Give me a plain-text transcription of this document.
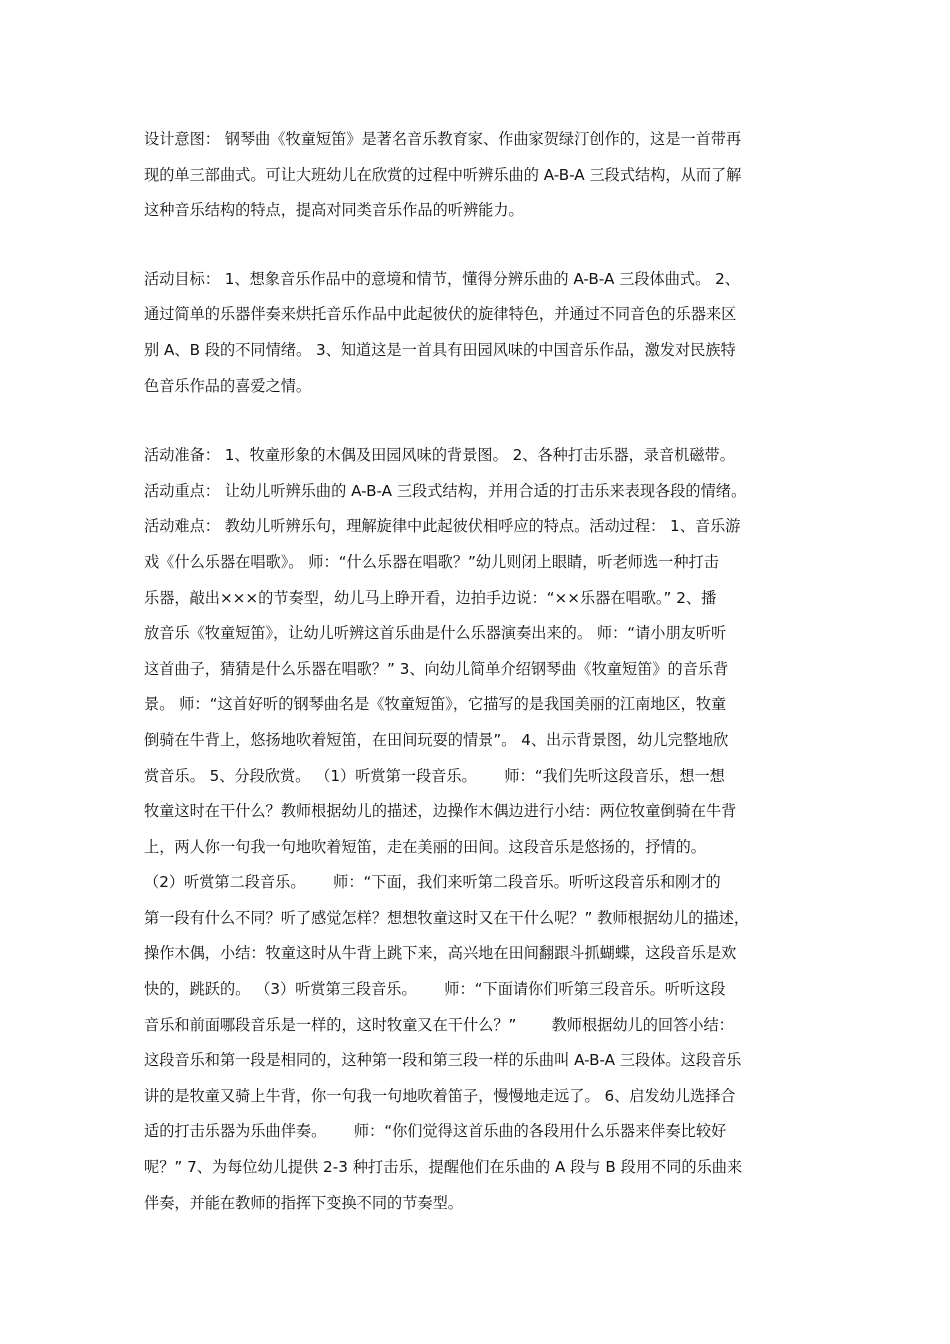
设计意图： 钢琴曲《牧童短笛》是著名音乐教育家、作曲家贺绿汀创作的，这是一首带再
现的单三部曲式。可让大班幼儿在欣赏的过程中听辨乐曲的 A-B-A 三段式结构，从而了解
这种音乐结构的特点，提高对同类音乐作品的听辨能力。
活动目标： 1、想象音乐作品中的意境和情节，懂得分辨乐曲的 A-B-A 三段体曲式。 2、
通过简单的乐器伴奏来烘托音乐作品中此起彼伏的旋律特色，并通过不同音色的乐器来区
别 A、B 段的不同情绪。 3、知道这是一首具有田园风味的中国音乐作品，激发对民族特
色音乐作品的喜爱之情。
活动准备： 1、牧童形象的木偶及田园风味的背景图。 2、各种打击乐器，录音机磁带。
活动重点： 让幼儿听辨乐曲的 A-B-A 三段式结构，并用合适的打击乐来表现各段的情绪。
活动难点： 教幼儿听辨乐句，理解旋律中此起彼伏相呼应的特点。活动过程： 1、音乐游
戏《什么乐器在唱歌》。 师：“什么乐器在唱歌？”幼儿则闭上眼睛，听老师选一种打击
乐器，敲出×××的节奏型，幼儿马上睁开看，边拍手边说：“××乐器在唱歌。” 2、播
放音乐《牧童短笛》，让幼儿听辨这首乐曲是什么乐器演奏出来的。 师：“请小朋友听听
这首曲子，猜猜是什么乐器在唱歌？” 3、向幼儿简单介绍钢琴曲《牧童短笛》的音乐背
景。 师：“这首好听的钢琴曲名是《牧童短笛》，它描写的是我国美丽的江南地区，牧童
倒骑在牛背上，悠扬地吹着短笛，在田间玩耍的情景”。 4、出示背景图，幼儿完整地欣
赏音乐。 5、分段欣赏。 （1）听赏第一段音乐。　　 师：“我们先听这段音乐，想一想
牧童这时在干什么？教师根据幼儿的描述，边操作木偶边进行小结：两位牧童倒骑在牛背
上，两人你一句我一句地吹着短笛，走在美丽的田间。这段音乐是悠扬的，抒情的。
（2）听赏第二段音乐。　　 师：“下面，我们来听第二段音乐。听听这段音乐和刚才的
第一段有什么不同？听了感觉怎样？想想牧童这时又在干什么呢？” 教师根据幼儿的描述，
操作木偶，小结：牧童这时从牛背上跳下来，高兴地在田间翻跟斗抓蝴蝶，这段音乐是欢
快的，跳跃的。 （3）听赏第三段音乐。　　 师：“下面请你们听第三段音乐。听听这段
音乐和前面哪段音乐是一样的，这时牧童又在干什么？”　　 教师根据幼儿的回答小结：
这段音乐和第一段是相同的，这种第一段和第三段一样的乐曲叫 A-B-A 三段体。这段音乐
讲的是牧童又骑上牛背，你一句我一句地吹着笛子，慢慢地走远了。 6、启发幼儿选择合
适的打击乐器为乐曲伴奏。　　 师：“你们觉得这首乐曲的各段用什么乐器来伴奏比较好
呢？” 7、为每位幼儿提供 2-3 种打击乐，提醒他们在乐曲的 A 段与 B 段用不同的乐曲来
伴奏，并能在教师的指挥下变换不同的节奏型。
